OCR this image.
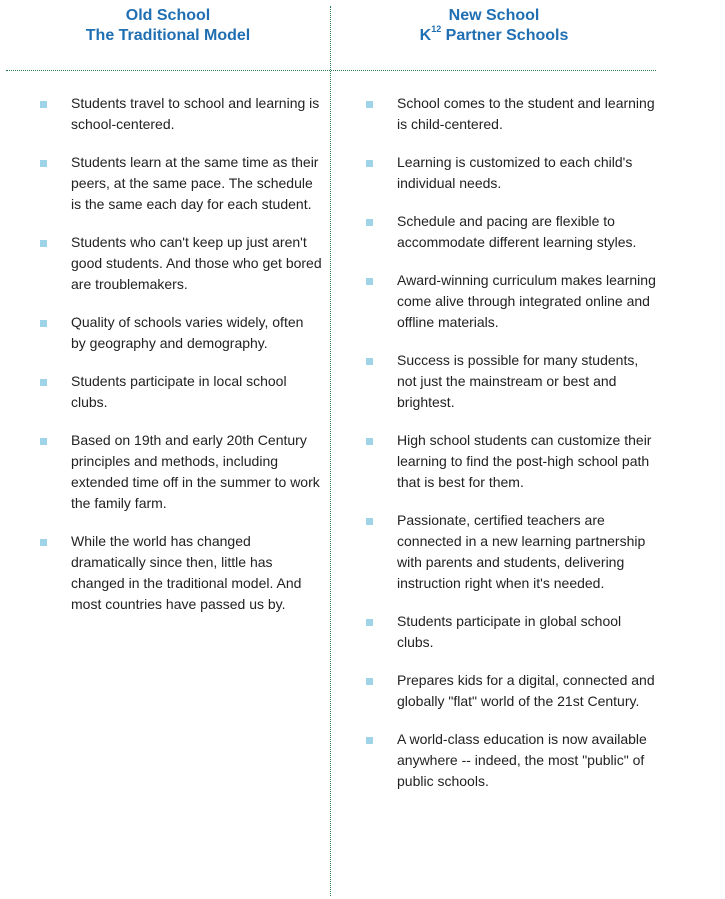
Old School
The Traditional Model
New School
$K^{12}$ Partner Schools
Students travel to school and learning is school-centered.
Students learn at the same time as their peers, at the same pace. The schedule is the same each day for each student.
Students who can't keep up just aren't good students. And those who get bored are troublemakers.
Quality of schools varies widely, often by geography and demography.
Students participate in local school clubs.
Based on 19th and early 20th Century principles and methods, including extended time off in the summer to work the family farm.
While the world has changed dramatically since then, little has changed in the traditional model. And most countries have passed us by.
School comes to the student and learning is child-centered.
Learning is customized to each child's individual needs.
Schedule and pacing are flexible to accommodate different learning styles.
Award-winning curriculum makes learning come alive through integrated online and offline materials.
Success is possible for many students, not just the mainstream or best and brightest.
High school students can customize their learning to find the post-high school path that is best for them.
Passionate, certified teachers are connected in a new learning partnership with parents and students, delivering instruction right when it's needed.
Students participate in global school clubs.
Prepares kids for a digital, connected and globally "flat" world of the 21st Century.
A world-class education is now available anywhere -- indeed, the most "public" of public schools.
